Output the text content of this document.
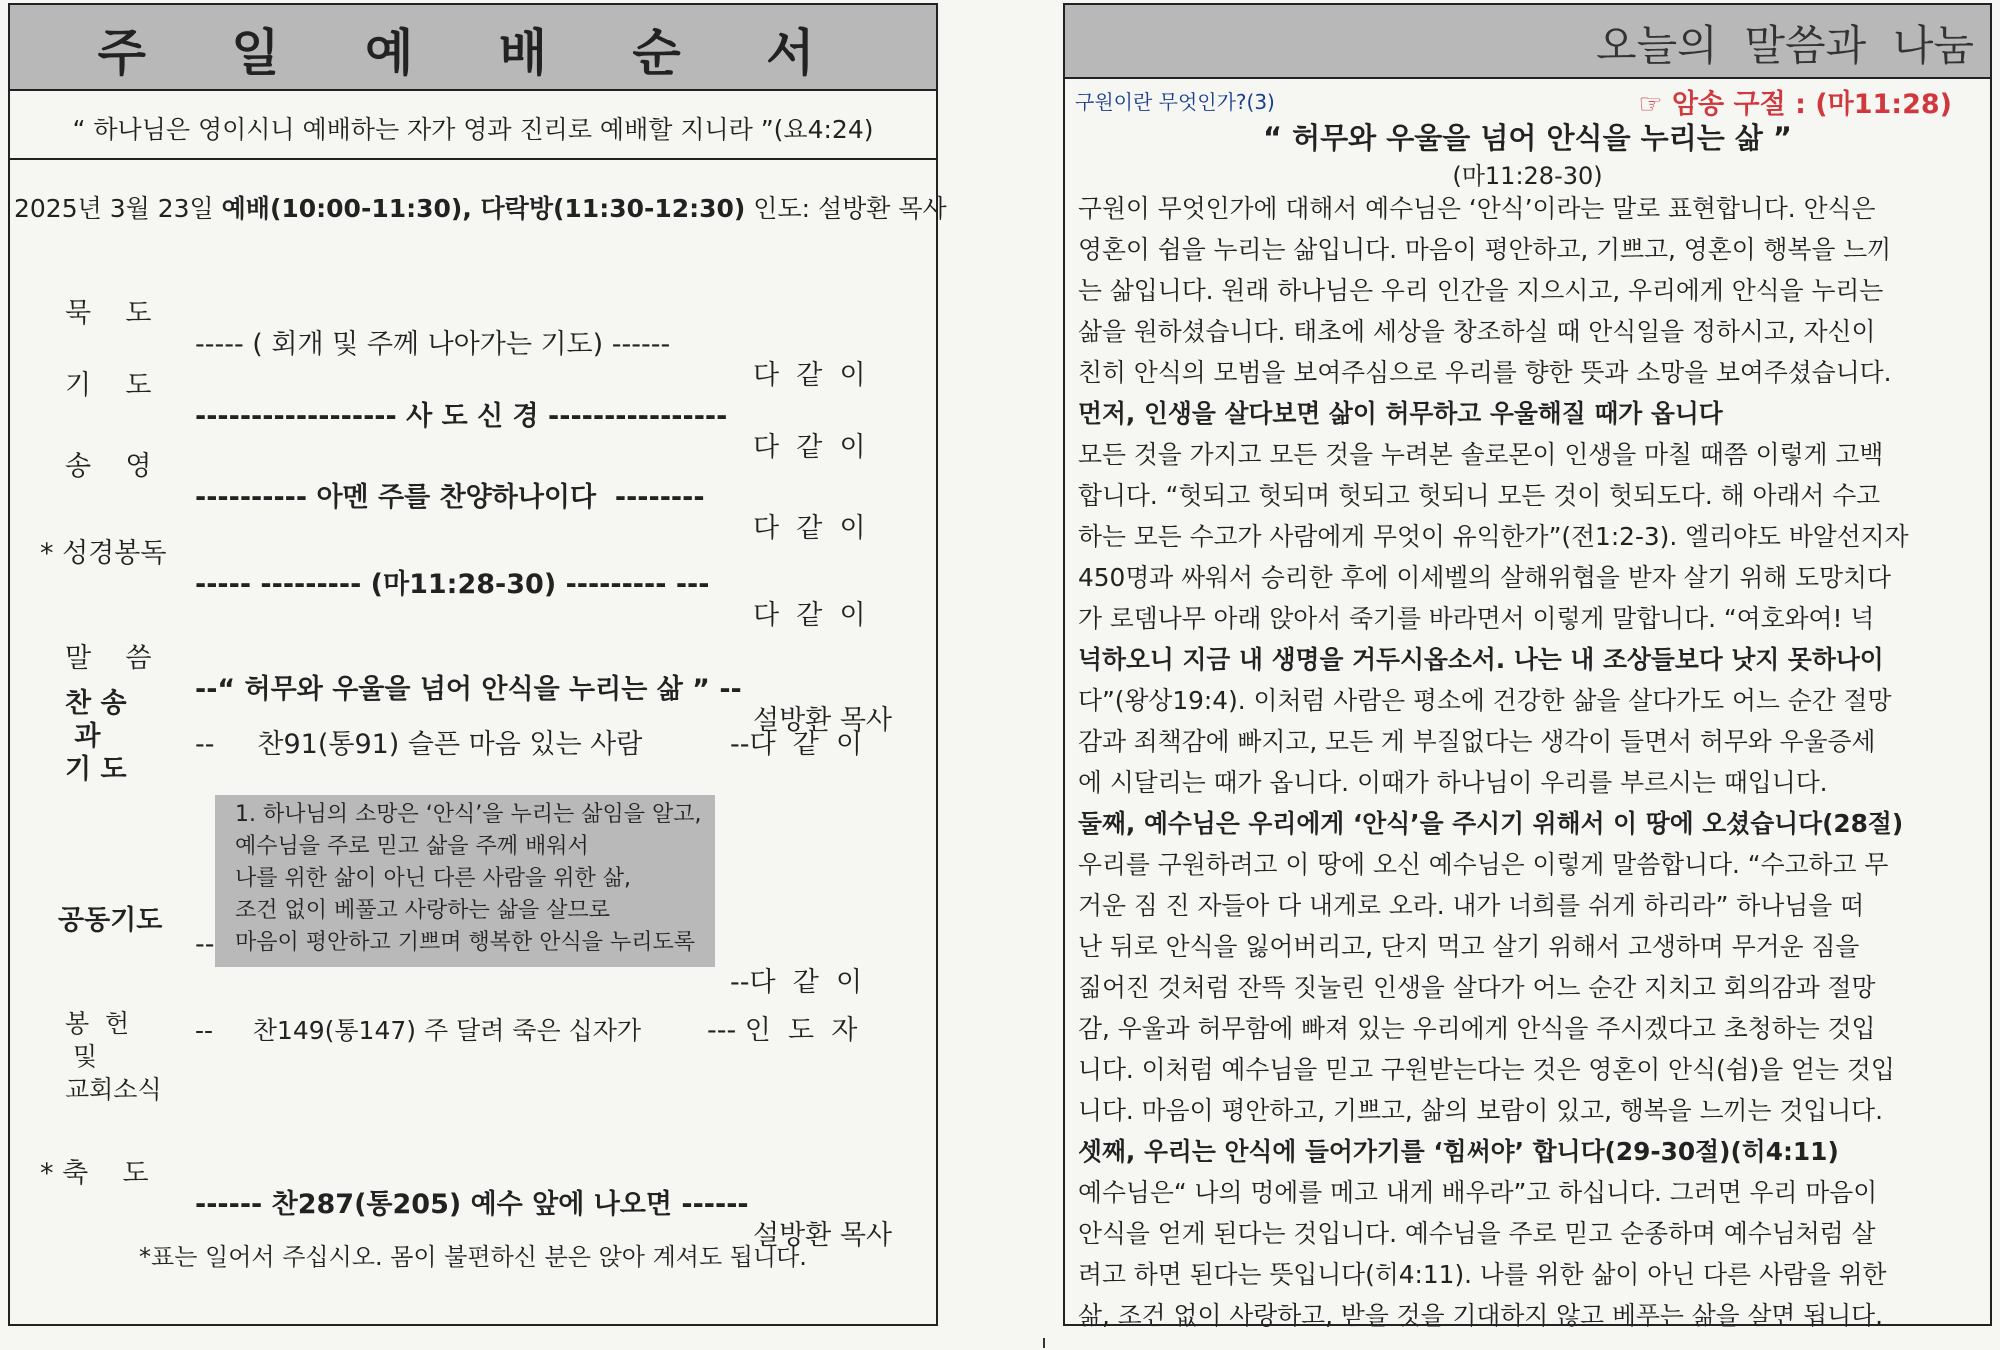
주 일 예 배 순 서
“ 하나님은 영이시니 예배하는 자가 영과 진리로 예배할 지니라 ”(요4:24)
2025년 3월 23일 예배(10:00-11:30), 다락방(11:30-12:30) 인도: 설방환 목사

묵    도

----- ( 회개 및 주께 나아가는 기도) ------

다  같  이

기    도

------------------ 사 도 신 경 ----------------

다  같  이

송    영

---------- 아멘 주를 찬양하나이다  --------

다  같  이

* 성경봉독

----- --------- (마11:28-30) --------- ---

다  같  이

말    씀

--“ 허무와 우울을 넘어 안식을 누리는 삶 ” --

설방환 목사

찬 송
과
기 도

--     찬91(통91) 슬픈 마음 있는 사람

	--다  같  이

공동기도

--

--다  같  이

봉  헌
및
교회소식

--     찬149(통147) 주 달려 죽은 십자가

--- 인  도  자

* 축    도

------ 찬287(통205) 예수 앞에 나오면 ------

설방환 목사

1. 하나님의 소망은 ‘안식’을 누리는 삶임을 알고,
예수님을 주로 믿고 삶을 주께 배워서
나를 위한 삶이 아닌 다른 사람을 위한 삶,
조건 없이 베풀고 사랑하는 삶을 살므로
마음이 평안하고 기쁘며 행복한 안식을 누리도록
*표는 일어서 주십시오. 몸이 불편하신 분은 앉아 계셔도 됩니다.
오늘의  말씀과  나눔
구원이란 무엇인가?(3)	☞ 암송 구절 : (마11:28)
“ 허무와 우울을 넘어 안식을 누리는 삶 ”
(마11:28-30)

구원이 무엇인가에 대해서 예수님은 ‘안식’이라는 말로 표현합니다. 안식은

영혼이 쉼을 누리는 삶입니다. 마음이 평안하고, 기쁘고, 영혼이 행복을 느끼

는 삶입니다. 원래 하나님은 우리 인간을 지으시고, 우리에게 안식을 누리는

삶을 원하셨습니다. 태초에 세상을 창조하실 때 안식일을 정하시고, 자신이

친히 안식의 모범을 보여주심으로 우리를 향한 뜻과 소망을 보여주셨습니다.

먼저, 인생을 살다보면 삶이 허무하고 우울해질 때가 옵니다

모든 것을 가지고 모든 것을 누려본 솔로몬이 인생을 마칠 때쯤 이렇게 고백

합니다. “헛되고 헛되며 헛되고 헛되니 모든 것이 헛되도다. 해 아래서 수고

하는 모든 수고가 사람에게 무엇이 유익한가”(전1:2-3). 엘리야도 바알선지자

450명과 싸워서 승리한 후에 이세벨의 살해위협을 받자 살기 위해 도망치다

가 로뎀나무 아래 앉아서 죽기를 바라면서 이렇게 말합니다. “여호와여! 넉

넉하오니 지금 내 생명을 거두시옵소서. 나는 내 조상들보다 낫지 못하나이

다”(왕상19:4). 이처럼 사람은 평소에 건강한 삶을 살다가도 어느 순간 절망

감과 죄책감에 빠지고, 모든 게 부질없다는 생각이 들면서 허무와 우울증세

에 시달리는 때가 옵니다. 이때가 하나님이 우리를 부르시는 때입니다.

둘째, 예수님은 우리에게 ‘안식’을 주시기 위해서 이 땅에 오셨습니다(28절)

우리를 구원하려고 이 땅에 오신 예수님은 이렇게 말씀합니다. “수고하고 무

거운 짐 진 자들아 다 내게로 오라. 내가 너희를 쉬게 하리라” 하나님을 떠

난 뒤로 안식을 잃어버리고, 단지 먹고 살기 위해서 고생하며 무거운 짐을

짊어진 것처럼 잔뜩 짓눌린 인생을 살다가 어느 순간 지치고 회의감과 절망

감, 우울과 허무함에 빠져 있는 우리에게 안식을 주시겠다고 초청하는 것입

니다. 이처럼 예수님을 믿고 구원받는다는 것은 영혼이 안식(쉼)을 얻는 것입

니다. 마음이 평안하고, 기쁘고, 삶의 보람이 있고, 행복을 느끼는 것입니다.

셋째, 우리는 안식에 들어가기를 ‘힘써야’ 합니다(29-30절)(히4:11)

예수님은“ 나의 멍에를 메고 내게 배우라”고 하십니다. 그러면 우리 마음이

안식을 얻게 된다는 것입니다. 예수님을 주로 믿고 순종하며 예수님처럼 살

려고 하면 된다는 뜻입니다(히4:11). 나를 위한 삶이 아닌 다른 사람을 위한

삶, 조건 없이 사랑하고, 받을 것을 기대하지 않고 베푸는 삶을 살면 됩니다.
